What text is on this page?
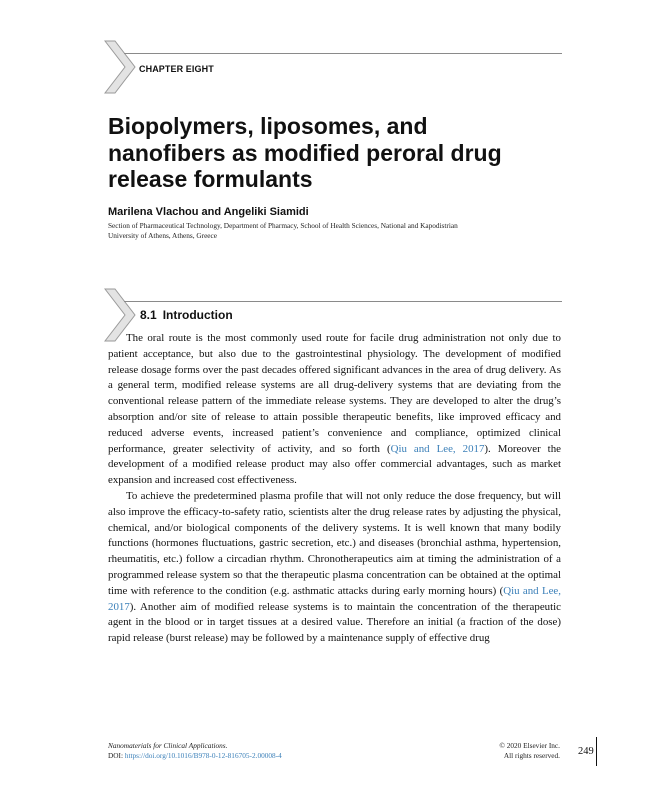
CHAPTER EIGHT
Biopolymers, liposomes, and
nanofibers as modified peroral drug
release formulants
Marilena Vlachou and Angeliki Siamidi
Section of Pharmaceutical Technology, Department of Pharmacy, School of Health Sciences, National and Kapodistrian
University of Athens, Athens, Greece
8.1 Introduction

The oral route is the most commonly used route for facile drug administration not only due to patient acceptance, but also due to the gastrointestinal physiology. The development of modified release dosage forms over the past decades offered significant advances in the area of drug delivery. As a general term, modified release systems are all drug-delivery systems that are deviating from the conventional release pattern of the immediate release systems. They are developed to alter the drug’s absorption and/or site of release to attain possible therapeutic benefits, like improved efficacy and reduced adverse events, increased patient’s convenience and compliance, optimized clinical performance, greater selectivity of activity, and so forth (Qiu and Lee, 2017). Moreover the development of a modified release product may also offer commercial advantages, such as market expansion and increased cost effectiveness.

To achieve the predetermined plasma profile that will not only reduce the dose frequency, but will also improve the efficacy-to-safety ratio, scientists alter the drug release rates by adjusting the physical, chemical, and/or biological components of the delivery systems. It is well known that many bodily functions (hormones fluctuations, gastric secretion, etc.) and diseases (bronchial asthma, hypertension, rheumatitis, etc.) follow a circadian rhythm. Chronotherapeutics aim at timing the administration of a programmed release system so that the therapeutic plasma concentration can be obtained at the optimal time with reference to the condition (e.g. asthmatic attacks during early morning hours) (Qiu and Lee, 2017). Another aim of modified release systems is to maintain the concentration of the therapeutic agent in the blood or in target tissues at a desired value. Therefore an initial (a fraction of the dose) rapid release (burst release) may be followed by a maintenance supply of effective drug

Nanomaterials for Clinical Applications.
DOI: https://doi.org/10.1016/B978-0-12-816705-2.00008-4
© 2020 Elsevier Inc.
All rights reserved. 249
